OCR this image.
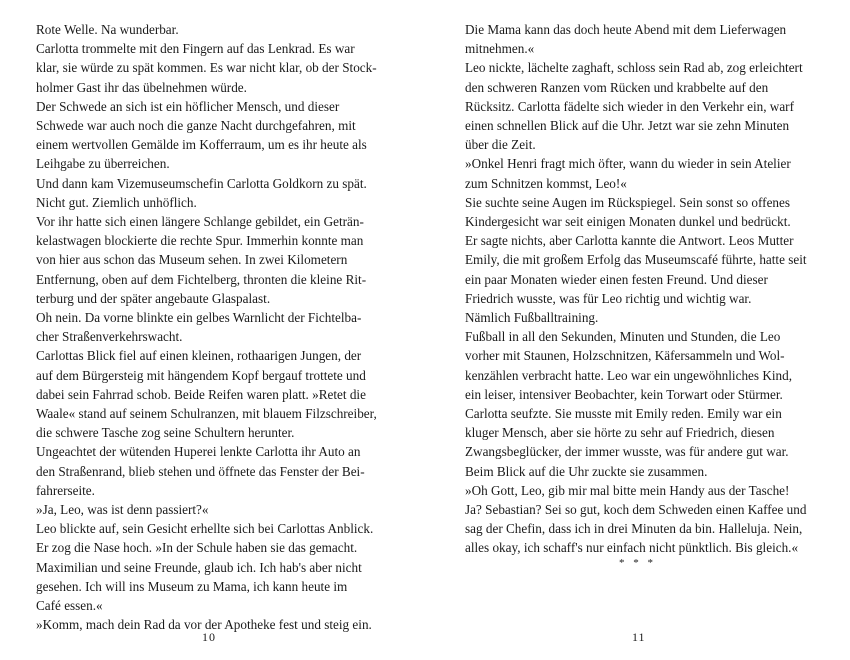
Rote Welle. Na wunderbar.
Carlotta trommelte mit den Fingern auf das Lenkrad. Es war
klar, sie würde zu spät kommen. Es war nicht klar, ob der Stock-
holmer Gast ihr das übelnehmen würde.
Der Schwede an sich ist ein höflicher Mensch, und dieser
Schwede war auch noch die ganze Nacht durchgefahren, mit
einem wertvollen Gemälde im Kofferraum, um es ihr heute als
Leihgabe zu überreichen.
Und dann kam Vizemuseumschefin Carlotta Goldkorn zu spät.
Nicht gut. Ziemlich unhöflich.
Vor ihr hatte sich einen längere Schlange gebildet, ein Geträn-
kelastwagen blockierte die rechte Spur. Immerhin konnte man
von hier aus schon das Museum sehen. In zwei Kilometern
Entfernung, oben auf dem Fichtelberg, thronten die kleine Rit-
terburg und der später angebaute Glaspalast.
Oh nein. Da vorne blinkte ein gelbes Warnlicht der Fichtelba-
cher Straßenverkehrswacht.
Carlottas Blick fiel auf einen kleinen, rothaarigen Jungen, der
auf dem Bürgersteig mit hängendem Kopf bergauf trottete und
dabei sein Fahrrad schob. Beide Reifen waren platt. »Retet die
Waale« stand auf seinem Schulranzen, mit blauem Filzschreiber,
die schwere Tasche zog seine Schultern herunter.
Ungeachtet der wütenden Huperei lenkte Carlotta ihr Auto an
den Straßenrand, blieb stehen und öffnete das Fenster der Bei-
fahrerseite.
»Ja, Leo, was ist denn passiert?«
Leo blickte auf, sein Gesicht erhellte sich bei Carlottas Anblick.
Er zog die Nase hoch. »In der Schule haben sie das gemacht.
Maximilian und seine Freunde, glaub ich. Ich hab's aber nicht
gesehen. Ich will ins Museum zu Mama, ich kann heute im
Café essen.«
»Komm, mach dein Rad da vor der Apotheke fest und steig ein.
10
Die Mama kann das doch heute Abend mit dem Lieferwagen
mitnehmen.«
Leo nickte, lächelte zaghaft, schloss sein Rad ab, zog erleichtert
den schweren Ranzen vom Rücken und krabbelte auf den
Rücksitz. Carlotta fädelte sich wieder in den Verkehr ein, warf
einen schnellen Blick auf die Uhr. Jetzt war sie zehn Minuten
über die Zeit.
»Onkel Henri fragt mich öfter, wann du wieder in sein Atelier
zum Schnitzen kommst, Leo!«
Sie suchte seine Augen im Rückspiegel. Sein sonst so offenes
Kindergesicht war seit einigen Monaten dunkel und bedrückt.
Er sagte nichts, aber Carlotta kannte die Antwort. Leos Mutter
Emily, die mit großem Erfolg das Museumscafé führte, hatte seit
ein paar Monaten wieder einen festen Freund. Und dieser
Friedrich wusste, was für Leo richtig und wichtig war.
Nämlich Fußballtraining.
Fußball in all den Sekunden, Minuten und Stunden, die Leo
vorher mit Staunen, Holzschnitzen, Käfersammeln und Wol-
kenzählen verbracht hatte. Leo war ein ungewöhnliches Kind,
ein leiser, intensiver Beobachter, kein Torwart oder Stürmer.
Carlotta seufzte. Sie musste mit Emily reden. Emily war ein
kluger Mensch, aber sie hörte zu sehr auf Friedrich, diesen
Zwangsbeglücker, der immer wusste, was für andere gut war.
Beim Blick auf die Uhr zuckte sie zusammen.
»Oh Gott, Leo, gib mir mal bitte mein Handy aus der Tasche!
Ja? Sebastian? Sei so gut, koch dem Schweden einen Kaffee und
sag der Chefin, dass ich in drei Minuten da bin. Halleluja. Nein,
alles okay, ich schaff's nur einfach nicht pünktlich. Bis gleich.«
* * *
11
